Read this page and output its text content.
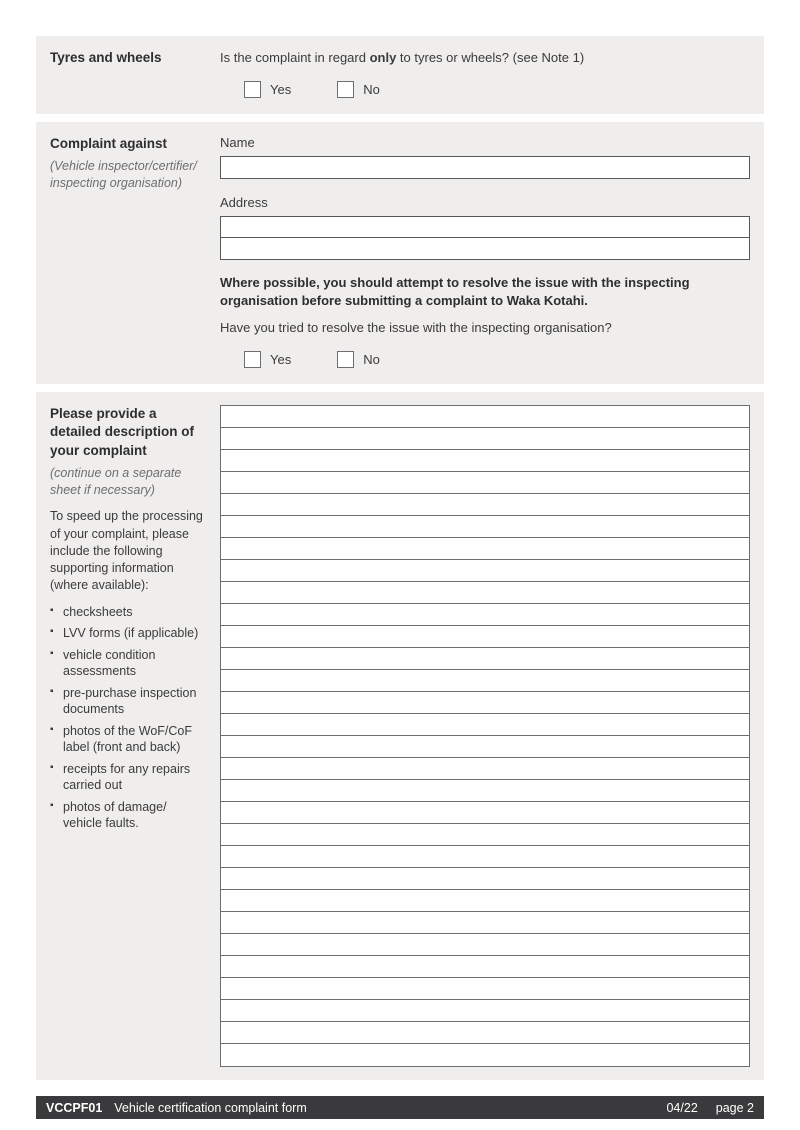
Tyres and wheels	Is the complaint in regard only to tyres or wheels? (see Note 1)

Yes	No
Complaint against

(Vehicle inspector/certifier/ inspecting organisation)

Name

Address

Where possible, you should attempt to resolve the issue with the inspecting organisation before submitting a complaint to Waka Kotahi.

Have you tried to resolve the issue with the inspecting organisation?

Yes	No
Please provide a detailed description of your complaint

(continue on a separate sheet if necessary)

To speed up the processing of your complaint, please include the following supporting information (where available):

▪ checksheets
▪ LVV forms (if applicable)
▪ vehicle condition assessments
▪ pre-purchase inspection documents
▪ photos of the WoF/CoF label (front and back)
▪ receipts for any repairs carried out
▪ photos of damage/ vehicle faults.
VCCPF01 Vehicle certification complaint form	04/22 page 2
